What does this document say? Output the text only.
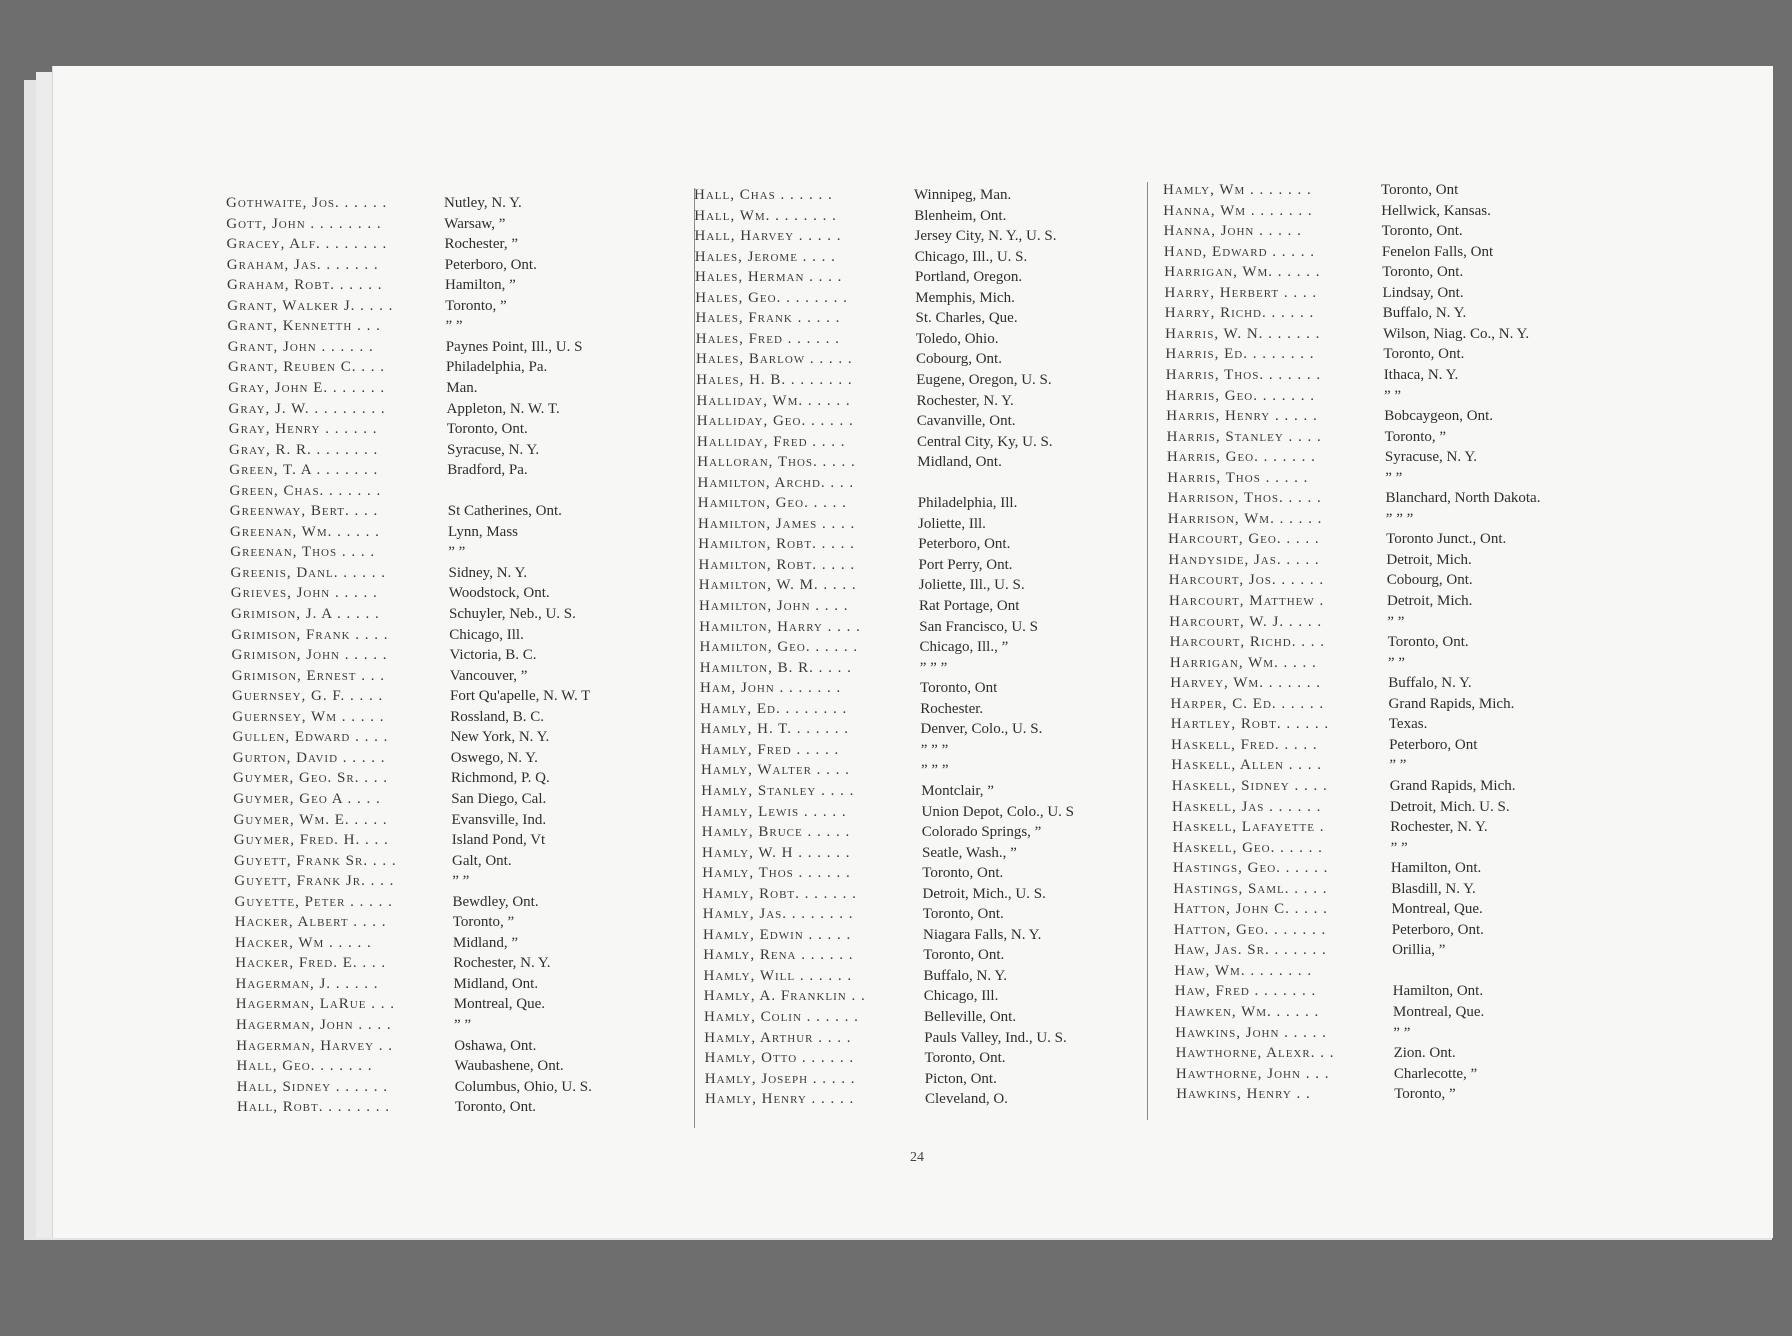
Gothwaite, Jos. . . . . .	Nutley, N. Y.
Gott, John . . . . . . . .	Warsaw, ”
Gracey, Alf. . . . . . . .	Rochester, ”
Graham, Jas. . . . . . .	Peterboro, Ont.
Graham, Robt. . . . . .	Hamilton, ”
Grant, Walker J. . . . .	Toronto, ”
Grant, Kennetth . . .	” ”
Grant, John . . . . . .	Paynes Point, Ill., U. S
Grant, Reuben C. . . .	Philadelphia, Pa.
Gray, John E. . . . . . .	Man.
Gray, J. W. . . . . . . . .	Appleton, N. W. T.
Gray, Henry . . . . . .	Toronto, Ont.
Gray, R. R. . . . . . . .	Syracuse, N. Y.
Green, T. A . . . . . . .	Bradford, Pa.
Green, Chas. . . . . . .
Greenway, Bert. . . .	St Catherines, Ont.
Greenan, Wm. . . . . .	Lynn, Mass
Greenan, Thos . . . .	” ”
Greenis, Danl. . . . . .	Sidney, N. Y.
Grieves, John . . . . .	Woodstock, Ont.
Grimison, J. A . . . . .	Schuyler, Neb., U. S.
Grimison, Frank . . . .	Chicago, Ill.
Grimison, John . . . . .	Victoria, B. C.
Grimison, Ernest . . .	Vancouver, ”
Guernsey, G. F. . . . .	Fort Qu'apelle, N. W. T
Guernsey, Wm . . . . .	Rossland, B. C.
Gullen, Edward . . . .	New York, N. Y.
Gurton, David . . . . .	Oswego, N. Y.
Guymer, Geo. Sr. . . .	Richmond, P. Q.
Guymer, Geo A . . . .	San Diego, Cal.
Guymer, Wm. E. . . . .	Evansville, Ind.
Guymer, Fred. H. . . .	Island Pond, Vt
Guyett, Frank Sr. . . .	Galt, Ont.
Guyett, Frank Jr. . . .	” ”
Guyette, Peter . . . . .	Bewdley, Ont.
Hacker, Albert . . . .	Toronto, ”
Hacker, Wm . . . . .	Midland, ”
Hacker, Fred. E. . . .	Rochester, N. Y.
Hagerman, J. . . . . .	Midland, Ont.
Hagerman, LaRue . . .	Montreal, Que.
Hagerman, John . . . .	” ”
Hagerman, Harvey . .	Oshawa, Ont.
Hall, Geo. . . . . . .	Waubashene, Ont.
Hall, Sidney . . . . . .	Columbus, Ohio, U. S.
Hall, Robt. . . . . . . .	Toronto, Ont.
Hall, Chas . . . . . .	Winnipeg, Man.
Hall, Wm. . . . . . . .	Blenheim, Ont.
Hall, Harvey . . . . .	Jersey City, N. Y., U. S.
Hales, Jerome . . . .	Chicago, Ill., U. S.
Hales, Herman . . . .	Portland, Oregon.
Hales, Geo. . . . . . . .	Memphis, Mich.
Hales, Frank . . . . .	St. Charles, Que.
Hales, Fred . . . . . .	Toledo, Ohio.
Hales, Barlow . . . . .	Cobourg, Ont.
Hales, H. B. . . . . . . .	Eugene, Oregon, U. S.
Halliday, Wm. . . . . .	Rochester, N. Y.
Halliday, Geo. . . . . .	Cavanville, Ont.
Halliday, Fred . . . .	Central City, Ky, U. S.
Halloran, Thos. . . . .	Midland, Ont.
Hamilton, Archd. . . .
Hamilton, Geo. . . . .	Philadelphia, Ill.
Hamilton, James . . . .	Joliette, Ill.
Hamilton, Robt. . . . .	Peterboro, Ont.
Hamilton, Robt. . . . .	Port Perry, Ont.
Hamilton, W. M. . . . .	Joliette, Ill., U. S.
Hamilton, John . . . .	Rat Portage, Ont
Hamilton, Harry . . . .	San Francisco, U. S
Hamilton, Geo. . . . . .	Chicago, Ill., ”
Hamilton, B. R. . . . .	” ” ”
Ham, John . . . . . . .	Toronto, Ont
Hamly, Ed. . . . . . . .	Rochester.
Hamly, H. T. . . . . . .	Denver, Colo., U. S.
Hamly, Fred . . . . .	” ” ”
Hamly, Walter . . . .	” ” ”
Hamly, Stanley . . . .	Montclair, ”
Hamly, Lewis . . . . .	Union Depot, Colo., U. S
Hamly, Bruce . . . . .	Colorado Springs, ”
Hamly, W. H . . . . . .	Seatle, Wash., ”
Hamly, Thos . . . . . .	Toronto, Ont.
Hamly, Robt. . . . . . .	Detroit, Mich., U. S.
Hamly, Jas. . . . . . . .	Toronto, Ont.
Hamly, Edwin . . . . .	Niagara Falls, N. Y.
Hamly, Rena . . . . . .	Toronto, Ont.
Hamly, Will . . . . . .	Buffalo, N. Y.
Hamly, A. Franklin . .	Chicago, Ill.
Hamly, Colin . . . . . .	Belleville, Ont.
Hamly, Arthur . . . .	Pauls Valley, Ind., U. S.
Hamly, Otto . . . . . .	Toronto, Ont.
Hamly, Joseph . . . . .	Picton, Ont.
Hamly, Henry . . . . .	Cleveland, O.
Hamly, Wm . . . . . . .	Toronto, Ont
Hanna, Wm . . . . . . .	Hellwick, Kansas.
Hanna, John . . . . .	Toronto, Ont.
Hand, Edward . . . . .	Fenelon Falls, Ont
Harrigan, Wm. . . . . .	Toronto, Ont.
Harry, Herbert . . . .	Lindsay, Ont.
Harry, Richd. . . . . .	Buffalo, N. Y.
Harris, W. N. . . . . . .	Wilson, Niag. Co., N. Y.
Harris, Ed. . . . . . . .	Toronto, Ont.
Harris, Thos. . . . . . .	Ithaca, N. Y.
Harris, Geo. . . . . . .	” ”
Harris, Henry . . . . .	Bobcaygeon, Ont.
Harris, Stanley . . . .	Toronto, ”
Harris, Geo. . . . . . .	Syracuse, N. Y.
Harris, Thos . . . . .	” ”
Harrison, Thos. . . . .	Blanchard, North Dakota.
Harrison, Wm. . . . . .	” ” ”
Harcourt, Geo. . . . .	Toronto Junct., Ont.
Handyside, Jas. . . . .	Detroit, Mich.
Harcourt, Jos. . . . . .	Cobourg, Ont.
Harcourt, Matthew .	Detroit, Mich.
Harcourt, W. J. . . . .	” ”
Harcourt, Richd. . . .	Toronto, Ont.
Harrigan, Wm. . . . .	” ”
Harvey, Wm. . . . . . .	Buffalo, N. Y.
Harper, C. Ed. . . . . .	Grand Rapids, Mich.
Hartley, Robt. . . . . .	Texas.
Haskell, Fred. . . . .	Peterboro, Ont
Haskell, Allen . . . .	” ”
Haskell, Sidney . . . .	Grand Rapids, Mich.
Haskell, Jas . . . . . .	Detroit, Mich. U. S.
Haskell, Lafayette .	Rochester, N. Y.
Haskell, Geo. . . . . .	” ”
Hastings, Geo. . . . . .	Hamilton, Ont.
Hastings, Saml. . . . .	Blasdill, N. Y.
Hatton, John C. . . . .	Montreal, Que.
Hatton, Geo. . . . . . .	Peterboro, Ont.
Haw, Jas. Sr. . . . . . .	Orillia, ”
Haw, Wm. . . . . . . .
Haw, Fred . . . . . . .	Hamilton, Ont.
Hawken, Wm. . . . . .	Montreal, Que.
Hawkins, John . . . . .	” ”
Hawthorne, Alexr. . .	Zion. Ont.
Hawthorne, John . . .	Charlecotte, ”
Hawkins, Henry . .	Toronto, ”
24
